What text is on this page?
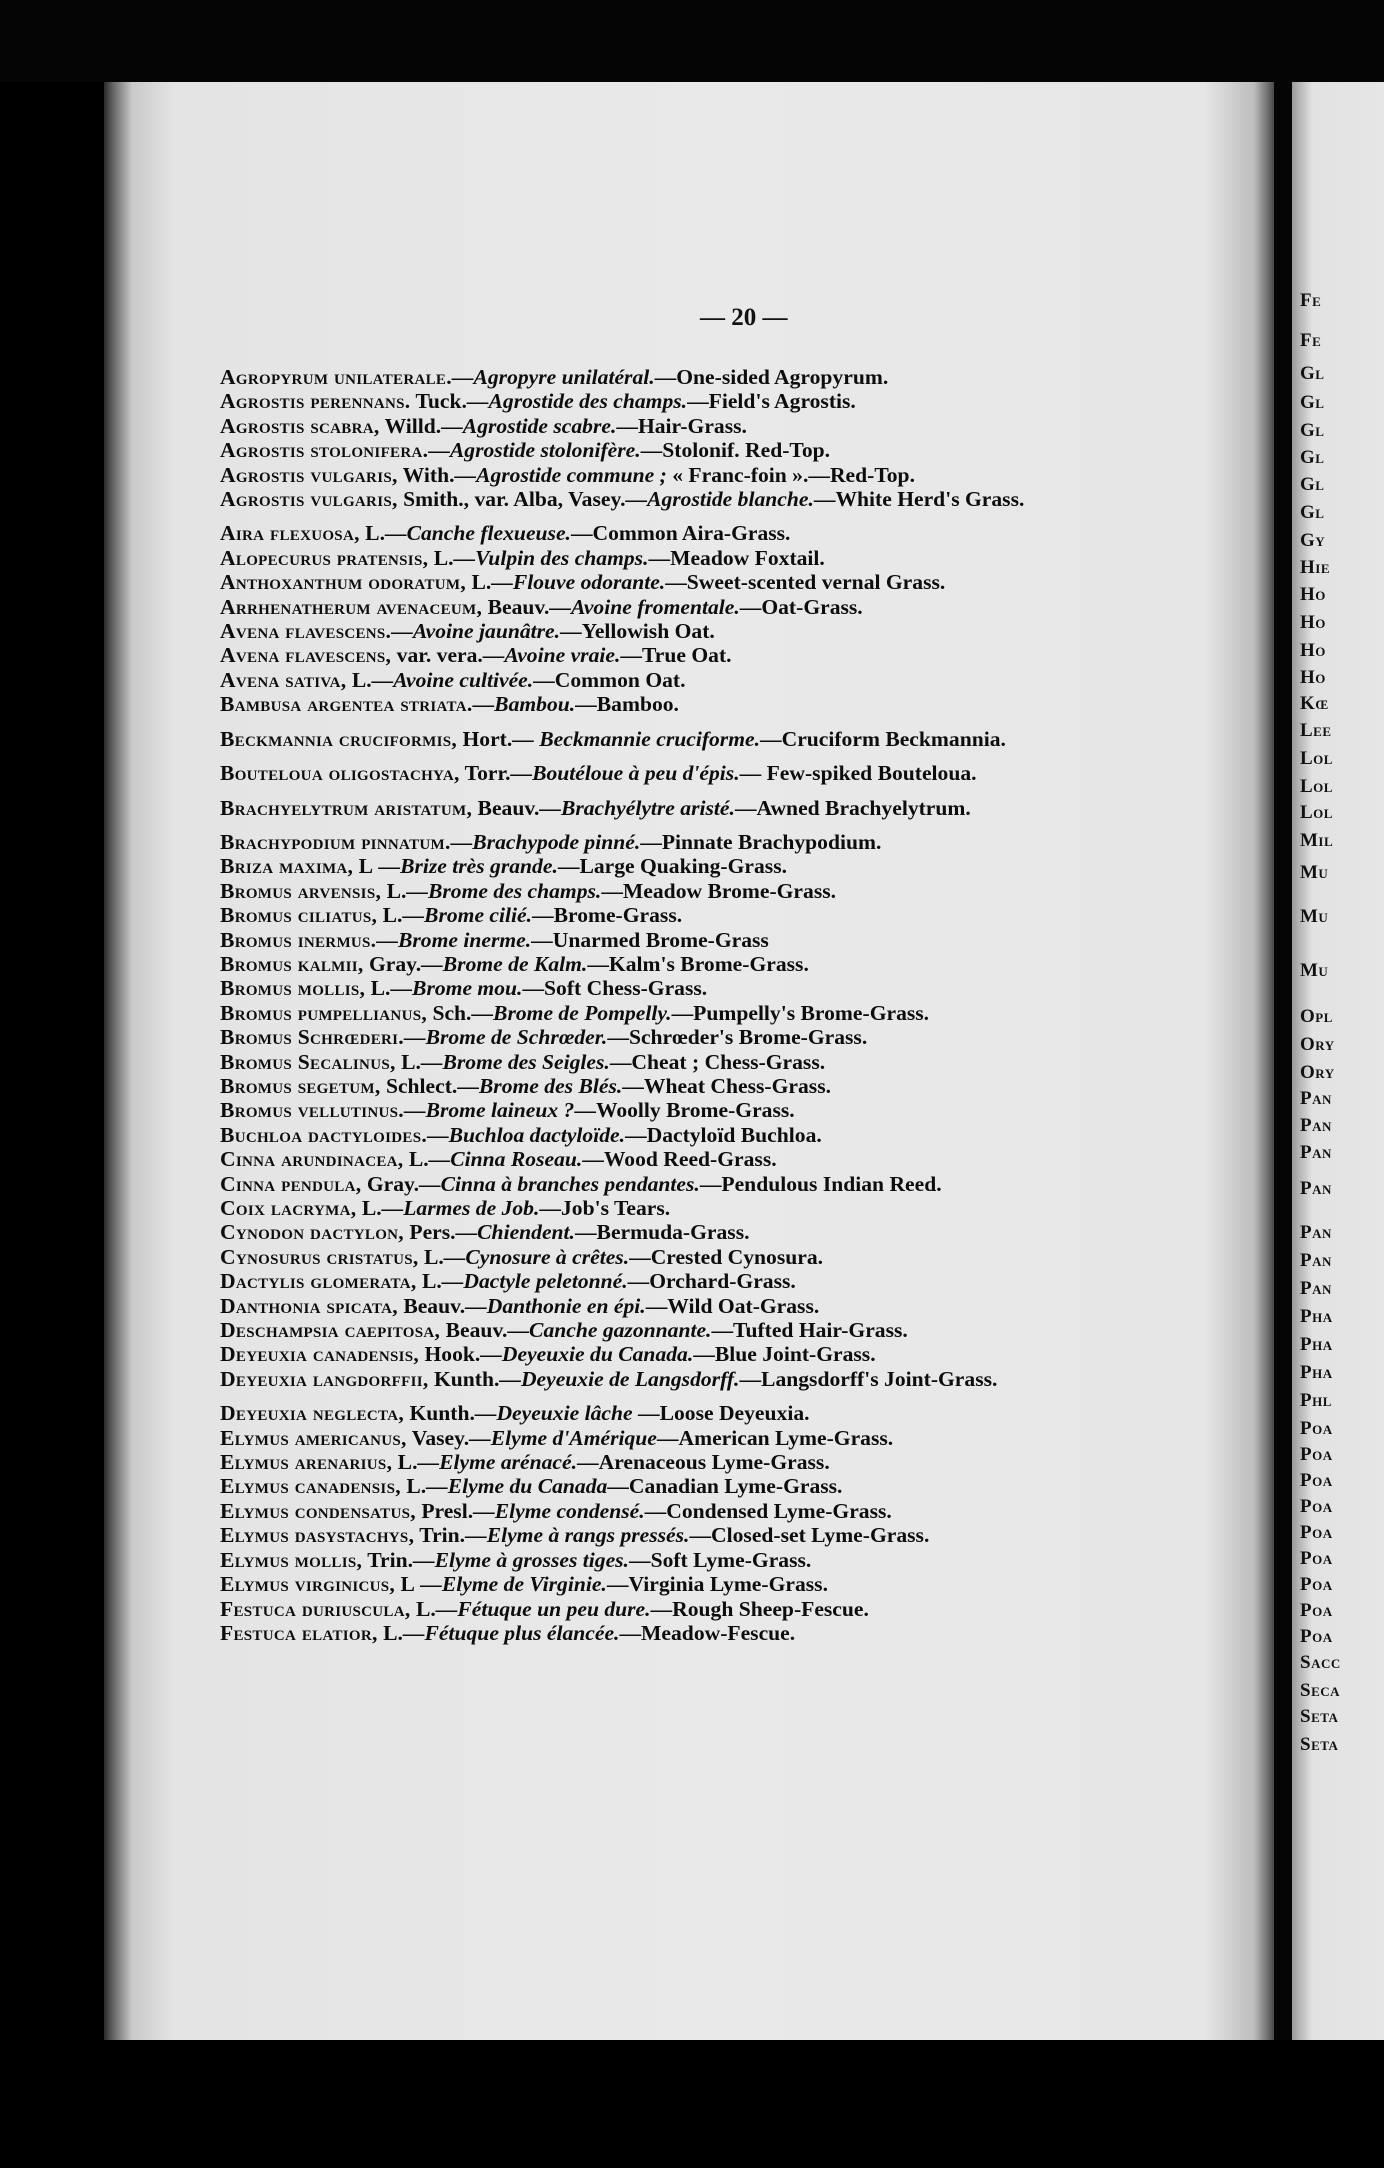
— 20 —

Agropyrum unilaterale.—Agropyre unilatéral.—One-sided Agropyrum.

Agrostis perennans. Tuck.—Agrostide des champs.—Field's Agrostis.

Agrostis scabra, Willd.—Agrostide scabre.—Hair-Grass.

Agrostis stolonifera.—Agrostide stolonifère.—Stolonif. Red-Top.

Agrostis vulgaris, With.—Agrostide commune ; « Franc-foin ».—Red-Top.

Agrostis vulgaris, Smith., var. Alba, Vasey.—Agrostide blanche.—White Herd's Grass.

Aira flexuosa, L.—Canche flexueuse.—Common Aira-Grass.

Alopecurus pratensis, L.—Vulpin des champs.—Meadow Foxtail.

Anthoxanthum odoratum, L.—Flouve odorante.—Sweet-scented vernal Grass.

Arrhenatherum avenaceum, Beauv.—Avoine fromentale.—Oat-Grass.

Avena flavescens.—Avoine jaunâtre.—Yellowish Oat.

Avena flavescens, var. vera.—Avoine vraie.—True Oat.

Avena sativa, L.—Avoine cultivée.—Common Oat.

Bambusa argentea striata.—Bambou.—Bamboo.

Beckmannia cruciformis, Hort.— Beckmannie cruciforme.—Cruciform Beckmannia.

Bouteloua oligostachya, Torr.—Boutéloue à peu d'épis.— Few-spiked Bouteloua.

Brachyelytrum aristatum, Beauv.—Brachyélytre aristé.—Awned Brachyelytrum.

Brachypodium pinnatum.—Brachypode pinné.—Pinnate Brachypodium.

Briza maxima, L —Brize très grande.—Large Quaking-Grass.

Bromus arvensis, L.—Brome des champs.—Meadow Brome-Grass.

Bromus ciliatus, L.—Brome cilié.—Brome-Grass.

Bromus inermus.—Brome inerme.—Unarmed Brome-Grass

Bromus kalmii, Gray.—Brome de Kalm.—Kalm's Brome-Grass.

Bromus mollis, L.—Brome mou.—Soft Chess-Grass.

Bromus pumpellianus, Sch.—Brome de Pompelly.—Pumpelly's Brome-Grass.

Bromus Schrœderi.—Brome de Schrœder.—Schrœder's Brome-Grass.

Bromus Secalinus, L.—Brome des Seigles.—Cheat ; Chess-Grass.

Bromus segetum, Schlect.—Brome des Blés.—Wheat Chess-Grass.

Bromus vellutinus.—Brome laineux ?—Woolly Brome-Grass.

Buchloa dactyloides.—Buchloa dactyloïde.—Dactyloïd Buchloa.

Cinna arundinacea, L.—Cinna Roseau.—Wood Reed-Grass.

Cinna pendula, Gray.—Cinna à branches pendantes.—Pendulous Indian Reed.

Coix lacryma, L.—Larmes de Job.—Job's Tears.

Cynodon dactylon, Pers.—Chiendent.—Bermuda-Grass.

Cynosurus cristatus, L.—Cynosure à crêtes.—Crested Cynosura.

Dactylis glomerata, L.—Dactyle peletonné.—Orchard-Grass.

Danthonia spicata, Beauv.—Danthonie en épi.—Wild Oat-Grass.

Deschampsia caepitosa, Beauv.—Canche gazonnante.—Tufted Hair-Grass.

Deyeuxia canadensis, Hook.—Deyeuxie du Canada.—Blue Joint-Grass.

Deyeuxia langdorffii, Kunth.—Deyeuxie de Langsdorff.—Langsdorff's Joint-Grass.

Deyeuxia neglecta, Kunth.—Deyeuxie lâche —Loose Deyeuxia.

Elymus americanus, Vasey.—Elyme d'Amérique—American Lyme-Grass.

Elymus arenarius, L.—Elyme arénacé.—Arenaceous Lyme-Grass.

Elymus canadensis, L.—Elyme du Canada—Canadian Lyme-Grass.

Elymus condensatus, Presl.—Elyme condensé.—Condensed Lyme-Grass.

Elymus dasystachys, Trin.—Elyme à rangs pressés.—Closed-set Lyme-Grass.

Elymus mollis, Trin.—Elyme à grosses tiges.—Soft Lyme-Grass.

Elymus virginicus, L —Elyme de Virginie.—Virginia Lyme-Grass.

Festuca duriuscula, L.—Fétuque un peu dure.—Rough Sheep-Fescue.

Festuca elatior, L.—Fétuque plus élancée.—Meadow-Fescue.

Fe
Fe
Gl
Gl
Gl
Gl
Gl
Gl
Gy
Hie
Ho
Ho
Ho
Ho
Kœ
Lee
Lol
Lol
Lol
Mil
Mu
Mu
Mu
Opl
Ory
Ory
Pan
Pan
Pan
Pan
Pan
Pan
Pan
Pha
Pha
Pha
Phl
Poa
Poa
Poa
Poa
Poa
Poa
Poa
Poa
Poa
Sacc
Seca
Seta
Seta
